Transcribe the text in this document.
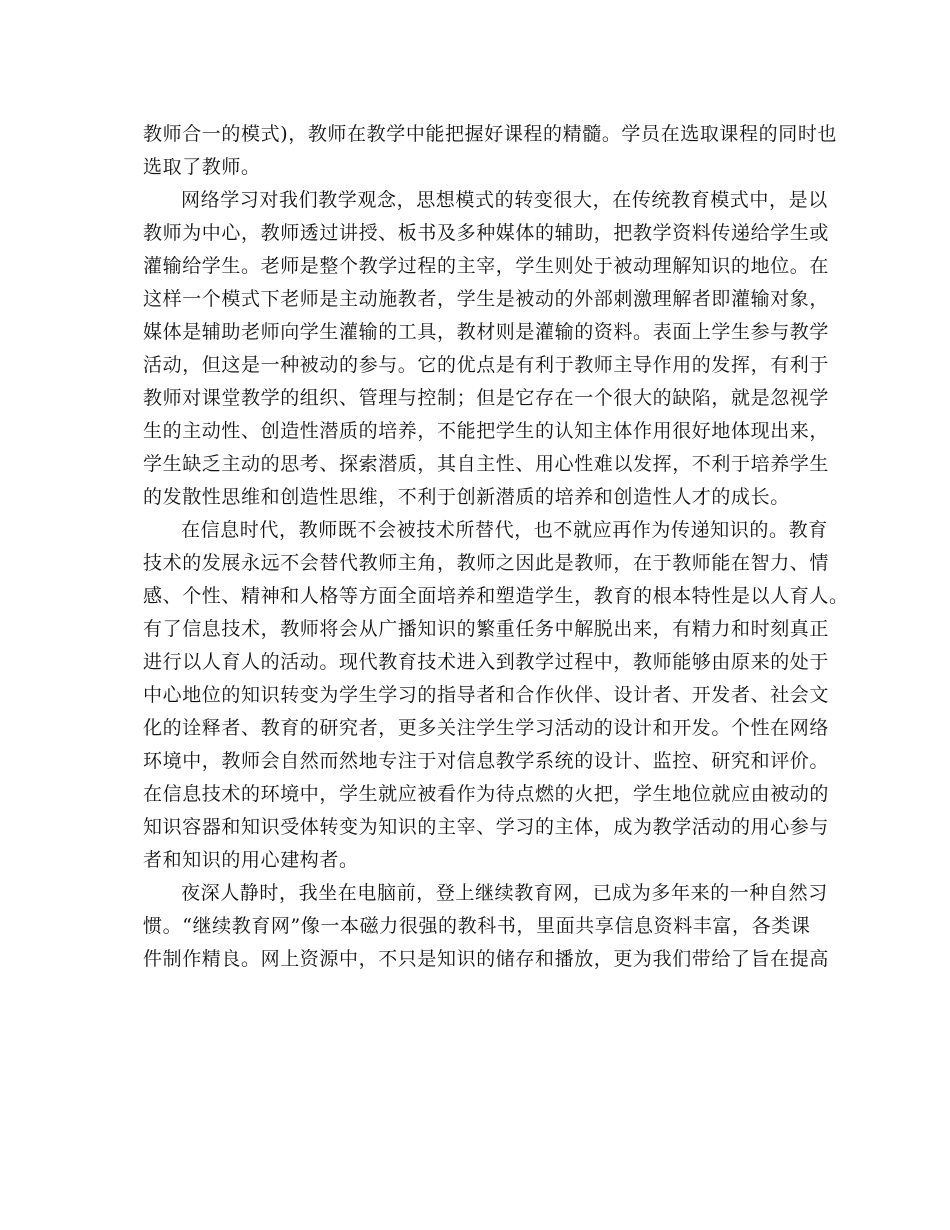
教师合一的模式)，教师在教学中能把握好课程的精髓。学员在选取课程的同时也
选取了教师。
网络学习对我们教学观念，思想模式的转变很大，在传统教育模式中，是以
教师为中心，教师透过讲授、板书及多种媒体的辅助，把教学资料传递给学生或
灌输给学生。老师是整个教学过程的主宰，学生则处于被动理解知识的地位。在
这样一个模式下老师是主动施教者，学生是被动的外部刺激理解者即灌输对象，
媒体是辅助老师向学生灌输的工具，教材则是灌输的资料。表面上学生参与教学
活动，但这是一种被动的参与。它的优点是有利于教师主导作用的发挥，有利于
教师对课堂教学的组织、管理与控制；但是它存在一个很大的缺陷，就是忽视学
生的主动性、创造性潜质的培养，不能把学生的认知主体作用很好地体现出来，
学生缺乏主动的思考、探索潜质，其自主性、用心性难以发挥，不利于培养学生
的发散性思维和创造性思维，不利于创新潜质的培养和创造性人才的成长。
在信息时代，教师既不会被技术所替代，也不就应再作为传递知识的。教育
技术的发展永远不会替代教师主角，教师之因此是教师，在于教师能在智力、情
感、个性、精神和人格等方面全面培养和塑造学生，教育的根本特性是以人育人。
有了信息技术，教师将会从广播知识的繁重任务中解脱出来，有精力和时刻真正
进行以人育人的活动。现代教育技术进入到教学过程中，教师能够由原来的处于
中心地位的知识转变为学生学习的指导者和合作伙伴、设计者、开发者、社会文
化的诠释者、教育的研究者，更多关注学生学习活动的设计和开发。个性在网络
环境中，教师会自然而然地专注于对信息教学系统的设计、监控、研究和评价。
在信息技术的环境中，学生就应被看作为待点燃的火把，学生地位就应由被动的
知识容器和知识受体转变为知识的主宰、学习的主体，成为教学活动的用心参与
者和知识的用心建构者。
夜深人静时，我坐在电脑前，登上继续教育网，已成为多年来的一种自然习
惯。“继续教育网”像一本磁力很强的教科书，里面共享信息资料丰富，各类课
件制作精良。网上资源中，不只是知识的储存和播放，更为我们带给了旨在提高
